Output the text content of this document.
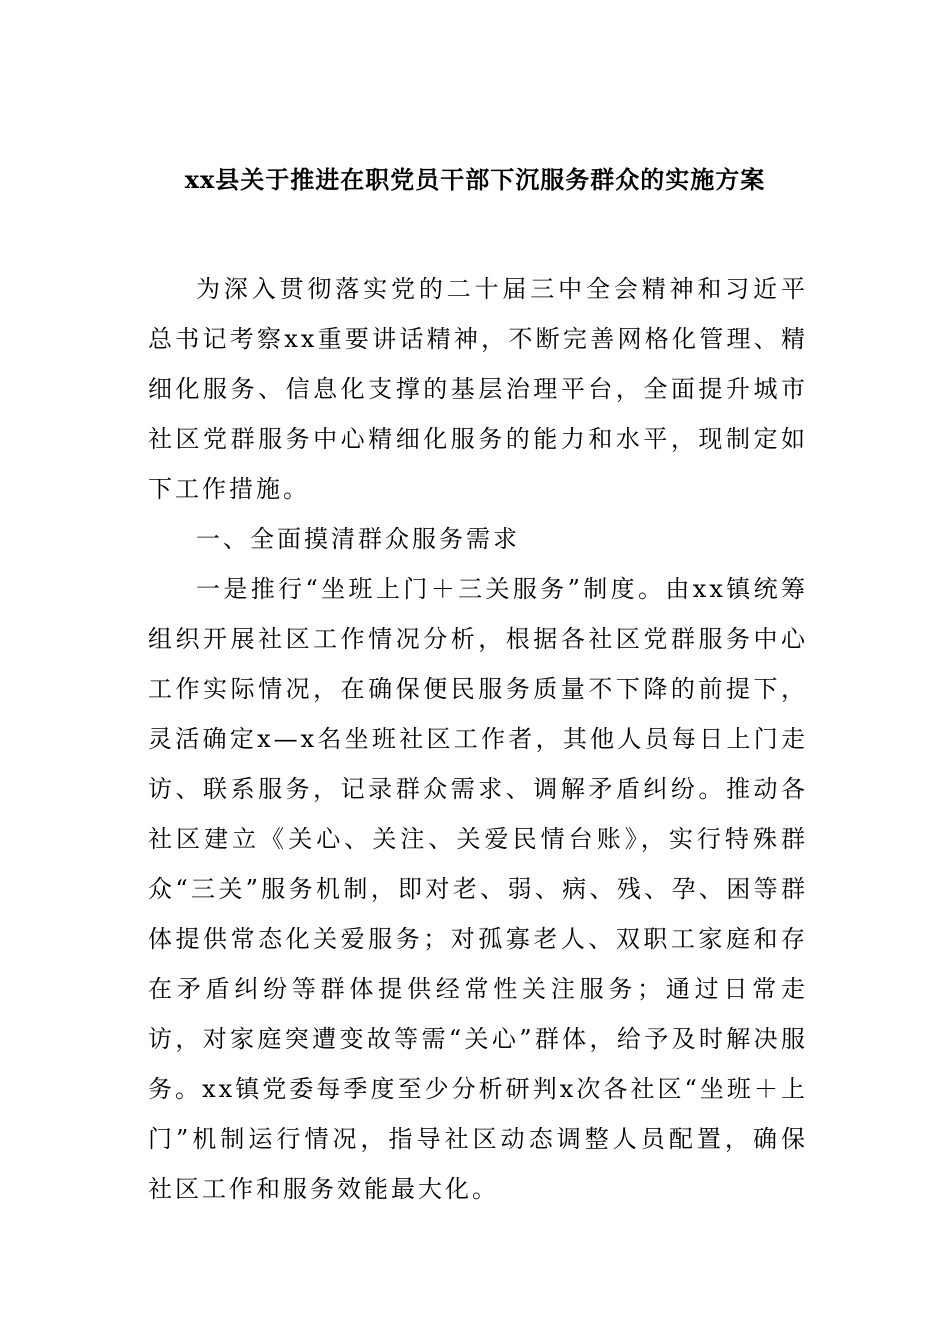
xx县关于推进在职党员干部下沉服务群众的实施方案

为深入贯彻落实党的二十届三中全会精神和习近平总书记考察xx重要讲话精神，不断完善网格化管理、精细化服务、信息化支撑的基层治理平台，全面提升城市社区党群服务中心精细化服务的能力和水平，现制定如下工作措施。

一、全面摸清群众服务需求

一是推行“坐班上门＋三关服务”制度。由xx镇统筹组织开展社区工作情况分析，根据各社区党群服务中心工作实际情况，在确保便民服务质量不下降的前提下，灵活确定x—x名坐班社区工作者，其他人员每日上门走访、联系服务，记录群众需求、调解矛盾纠纷。推动各社区建立《关心、关注、关爱民情台账》，实行特殊群众“三关”服务机制，即对老、弱、病、残、孕、困等群体提供常态化关爱服务；对孤寡老人、双职工家庭和存在矛盾纠纷等群体提供经常性关注服务；通过日常走访，对家庭突遭变故等需“关心”群体，给予及时解决服务。xx镇党委每季度至少分析研判x次各社区“坐班＋上门”机制运行情况，指导社区动态调整人员配置，确保社区工作和服务效能最大化。
